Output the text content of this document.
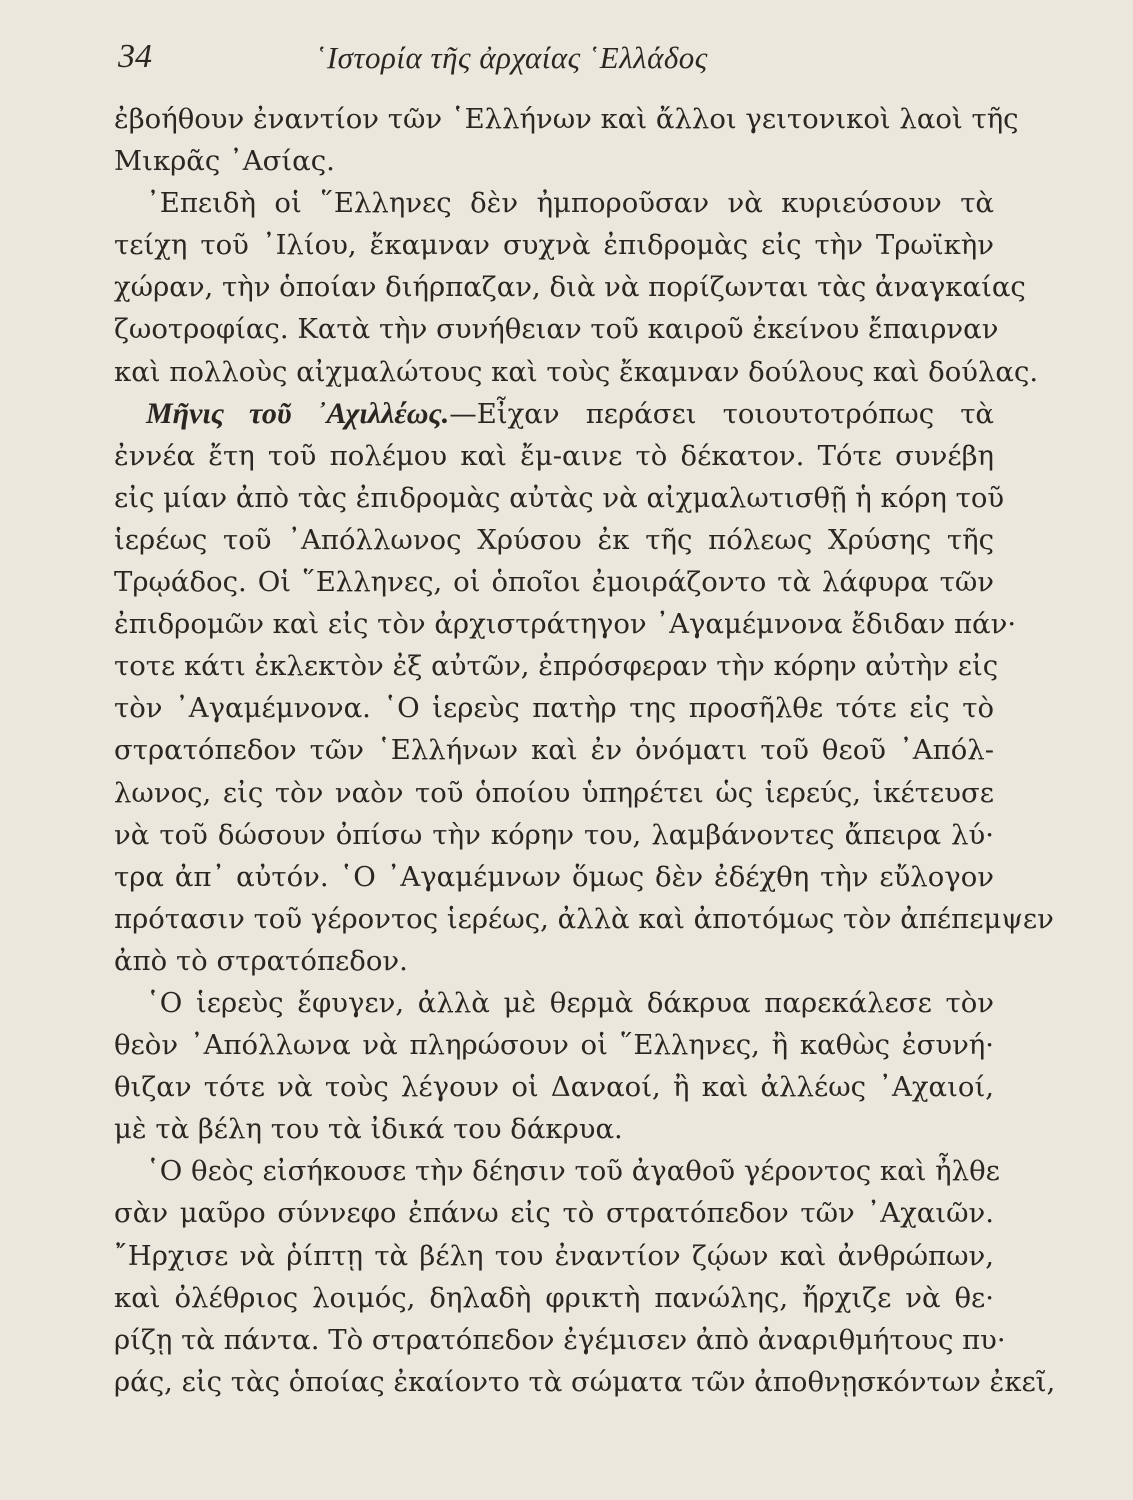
34	῾Ιστορία τῆς ἀρχαίας ῾Ελλάδος
ἐβοήθουν ἐναντίον τῶν ῾Ελλήνων καὶ ἄλλοι γειτονικοὶ λαοὶ τῆς
Μικρᾶς ᾿Ασίας.
᾿Επειδὴ οἱ ῞Ελληνες δὲν ἠμποροῦσαν νὰ κυριεύσουν τὰ
τείχη τοῦ ᾿Ιλίου, ἔκαμναν συχνὰ ἐπιδρομὰς εἰς τὴν Τρωϊκὴν
χώραν, τὴν ὁποίαν διήρπαζαν, διὰ νὰ πορίζωνται τὰς ἀναγκαίας
ζωοτροφίας. Κατὰ τὴν συνήθειαν τοῦ καιροῦ ἐκείνου ἔπαιρναν
καὶ πολλοὺς αἰχμαλώτους καὶ τοὺς ἔκαμναν δούλους καὶ δούλας.
Μῆνις τοῦ ᾿Αχιλλέως.—Εἶχαν περάσει τοιουτοτρόπως τὰ
ἐννέα ἔτη τοῦ πολέμου καὶ ἔμ-αινε τὸ δέκατον. Τότε συνέβη
εἰς μίαν ἀπὸ τὰς ἐπιδρομὰς αὐτὰς νὰ αἰχμαλωτισθῇ ἡ κόρη τοῦ
ἱερέως τοῦ ᾿Απόλλωνος Χρύσου ἐκ τῆς πόλεως Χρύσης τῆς
Τρῳάδος. Οἱ ῞Ελληνες, οἱ ὁποῖοι ἐμοιράζοντο τὰ λάφυρα τῶν
ἐπιδρομῶν καὶ εἰς τὸν ἀρχιστράτηγον ᾿Αγαμέμνονα ἔδιδαν πάν·
τοτε κάτι ἐκλεκτὸν ἐξ αὐτῶν, ἐπρόσφεραν τὴν κόρην αὐτὴν εἰς
τὸν ᾿Αγαμέμνονα. ῾Ο ἱερεὺς πατὴρ της προσῆλθε τότε εἰς τὸ
στρατόπεδον τῶν ῾Ελλήνων καὶ ἐν ὀνόματι τοῦ θεοῦ ᾿Απόλ-
λωνος, εἰς τὸν ναὸν τοῦ ὁποίου ὑπηρέτει ὡς ἱερεύς, ἱκέτευσε
νὰ τοῦ δώσουν ὀπίσω τὴν κόρην του, λαμβάνοντες ἄπειρα λύ·
τρα ἀπ᾿ αὐτόν. ῾Ο ᾿Αγαμέμνων ὅμως δὲν ἐδέχθη τὴν εὔλογον
πρότασιν τοῦ γέροντος ἱερέως, ἀλλὰ καὶ ἀποτόμως τὸν ἀπέπεμψεν
ἀπὸ τὸ στρατόπεδον.
῾Ο ἱερεὺς ἔφυγεν, ἀλλὰ μὲ θερμὰ δάκρυα παρεκάλεσε τὸν
θεὸν ᾿Απόλλωνα νὰ πληρώσουν οἱ ῞Ελληνες, ἢ καθὼς ἐσυνή·
θιζαν τότε νὰ τοὺς λέγουν οἱ Δαναοί, ἢ καὶ ἀλλέως ᾿Αχαιοί,
μὲ τὰ βέλη του τὰ ἰδικά του δάκρυα.
῾Ο θεὸς εἰσήκουσε τὴν δέησιν τοῦ ἀγαθοῦ γέροντος καὶ ἦλθε
σὰν μαῦρο σύννεφο ἐπάνω εἰς τὸ στρατόπεδον τῶν ᾿Αχαιῶν.
῎Ηρχισε νὰ ῥίπτῃ τὰ βέλη του ἐναντίον ζῴων καὶ ἀνθρώπων,
καὶ ὀλέθριος λοιμός, δηλαδὴ φρικτὴ πανώλης, ἤρχιζε νὰ θε·
ρίζῃ τὰ πάντα. Τὸ στρατόπεδον ἐγέμισεν ἀπὸ ἀναριθμήτους πυ·
ράς, εἰς τὰς ὁποίας ἐκαίοντο τὰ σώματα τῶν ἀποθνῃσκόντων ἐκεῖ,
